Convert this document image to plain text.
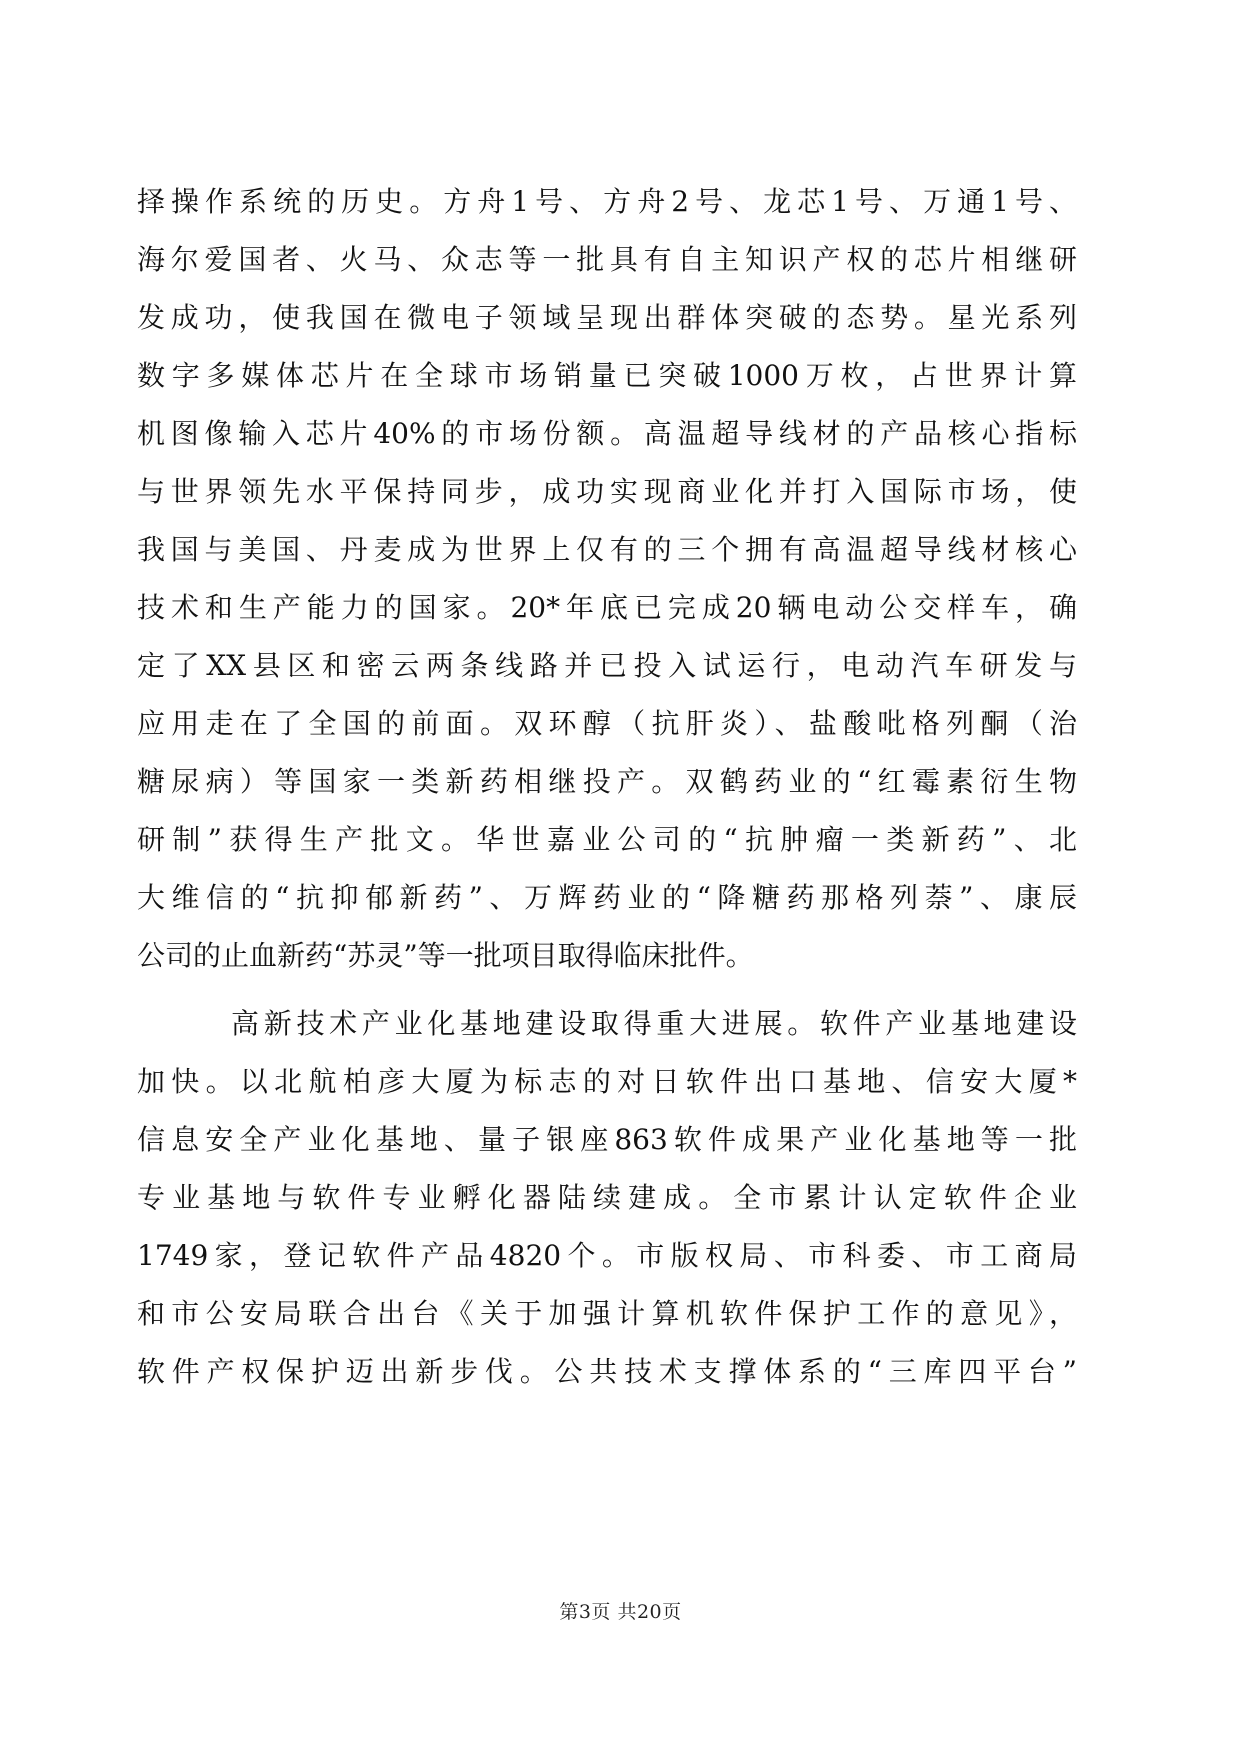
择操作系统的历史。方舟1号、方舟2号、龙芯1号、万通1号、
海尔爱国者、火马、众志等一批具有自主知识产权的芯片相继研
发成功，使我国在微电子领域呈现出群体突破的态势。星光系列
数字多媒体芯片在全球市场销量已突破1000万枚，占世界计算
机图像输入芯片40%的市场份额。高温超导线材的产品核心指标
与世界领先水平保持同步，成功实现商业化并打入国际市场，使
我国与美国、丹麦成为世界上仅有的三个拥有高温超导线材核心
技术和生产能力的国家。20*年底已完成20辆电动公交样车，确
定了XX县区和密云两条线路并已投入试运行，电动汽车研发与
应用走在了全国的前面。双环醇（抗肝炎）、盐酸吡格列酮（治
糖尿病）等国家一类新药相继投产。双鹤药业的“红霉素衍生物
研制”获得生产批文。华世嘉业公司的“抗肿瘤一类新药”、北
大维信的“抗抑郁新药”、万辉药业的“降糖药那格列萘”、康辰
公司的止血新药“苏灵”等一批项目取得临床批件。
高新技术产业化基地建设取得重大进展。软件产业基地建设
加快。以北航柏彦大厦为标志的对日软件出口基地、信安大厦*
信息安全产业化基地、量子银座863软件成果产业化基地等一批
专业基地与软件专业孵化器陆续建成。全市累计认定软件企业
1749家，登记软件产品4820个。市版权局、市科委、市工商局
和市公安局联合出台《关于加强计算机软件保护工作的意见》，
软件产权保护迈出新步伐。公共技术支撑体系的“三库四平台”
第3页 共20页
